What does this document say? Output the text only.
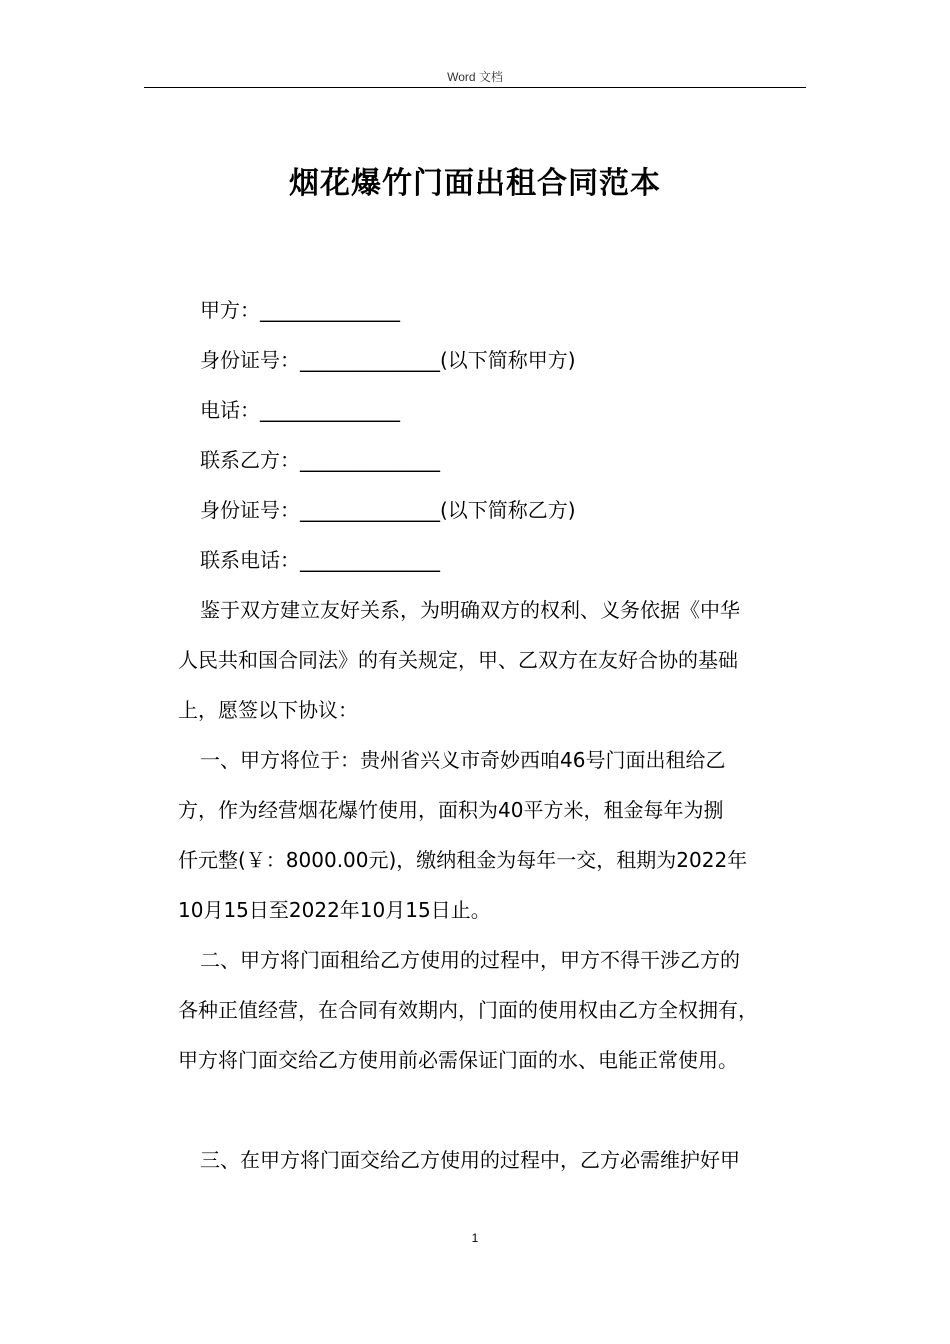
Word 文档
烟花爆竹门面出租合同范本
甲方：______________
身份证号：______________(以下简称甲方)
电话：______________
联系乙方：______________
身份证号：______________(以下简称乙方)
联系电话：______________
鉴于双方建立友好关系，为明确双方的权利、义务依据《中华
人民共和国合同法》的有关规定，甲、乙双方在友好合协的基础
上，愿签以下协议：
一、甲方将位于：贵州省兴义市奇妙西咱46号门面出租给乙
方，作为经营烟花爆竹使用，面积为40平方米，租金每年为捌
仟元整(￥：8000.00元)，缴纳租金为每年一交，租期为2022年
10月15日至2022年10月15日止。
二、甲方将门面租给乙方使用的过程中，甲方不得干涉乙方的
各种正值经营，在合同有效期内，门面的使用权由乙方全权拥有，
甲方将门面交给乙方使用前必需保证门面的水、电能正常使用。
三、在甲方将门面交给乙方使用的过程中，乙方必需维护好甲
1
